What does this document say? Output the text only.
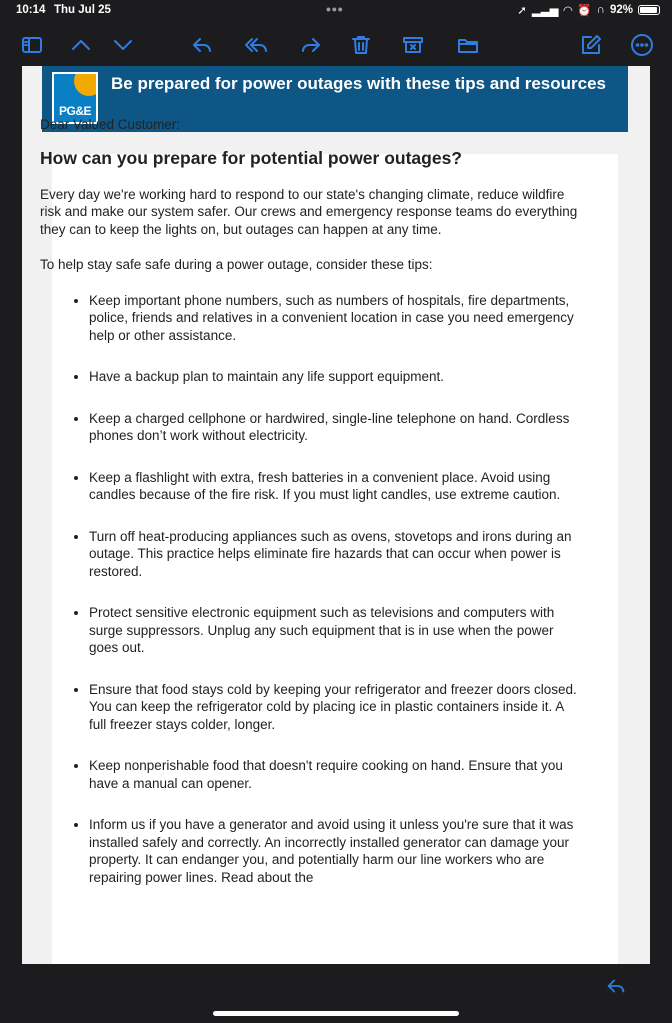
10:14 Thu Jul 25	•••	➚ ▂▃▅ ◠ ⏰ ∩ 92%
PG&E
Be prepared for power outages with these tips and resources

Dear Valued Customer:

How can you prepare for potential power outages?

Every day we're working hard to respond to our state's changing climate, reduce wildfire risk and make our system safer. Our crews and emergency response teams do everything they can to keep the lights on, but outages can happen at any time.

To help stay safe safe during a power outage, consider these tips:

• Keep important phone numbers, such as numbers of hospitals, fire departments, police, friends and relatives in a convenient location in case you need emergency help or other assistance.
• Have a backup plan to maintain any life support equipment.
• Keep a charged cellphone or hardwired, single-line telephone on hand. Cordless phones don’t work without electricity.
• Keep a flashlight with extra, fresh batteries in a convenient place. Avoid using candles because of the fire risk. If you must light candles, use extreme caution.
• Turn off heat-producing appliances such as ovens, stovetops and irons during an outage. This practice helps eliminate fire hazards that can occur when power is restored.
• Protect sensitive electronic equipment such as televisions and computers with surge suppressors. Unplug any such equipment that is in use when the power goes out.
• Ensure that food stays cold by keeping your refrigerator and freezer doors closed. You can keep the refrigerator cold by placing ice in plastic containers inside it. A full freezer stays colder, longer.
• Keep nonperishable food that doesn't require cooking on hand. Ensure that you have a manual can opener.
• Inform us if you have a generator and avoid using it unless you're sure that it was installed safely and correctly. An incorrectly installed generator can damage your property. It can endanger you, and potentially harm our line workers who are repairing power lines. Read about the
